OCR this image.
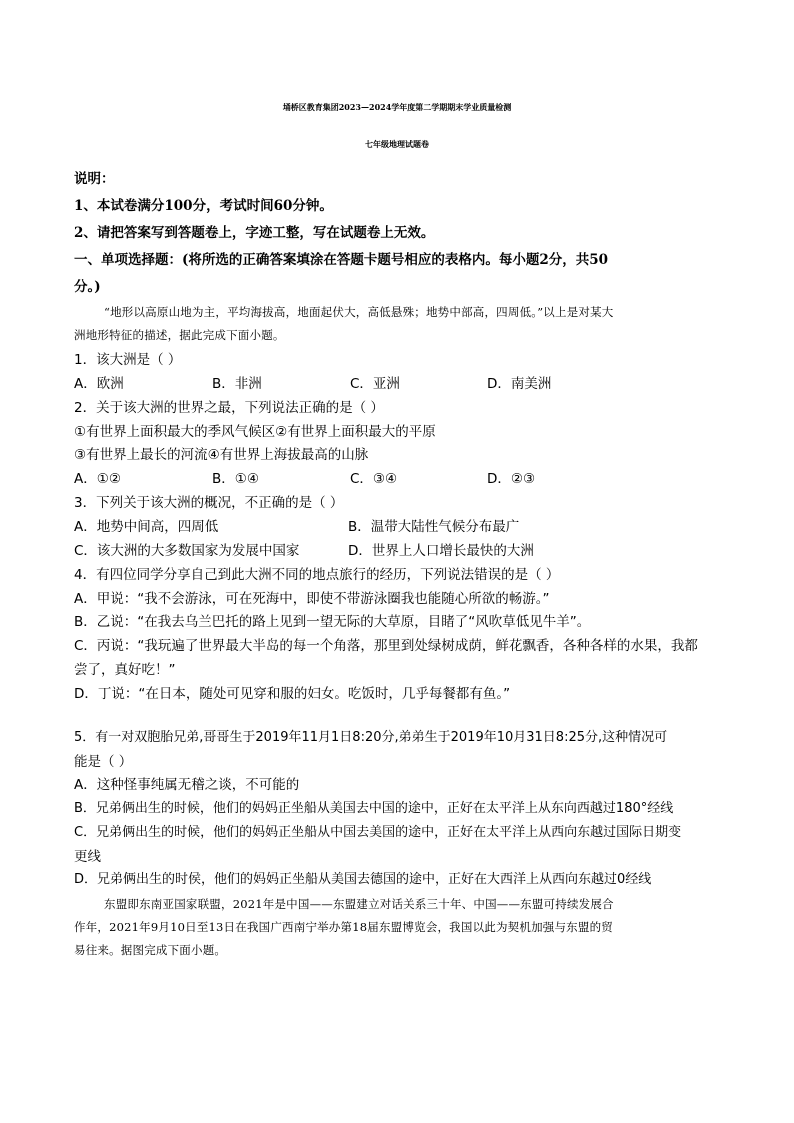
埇桥区教育集团2023—2024学年度第二学期期末学业质量检测
七年级地理试题卷
说明：
1、本试卷满分100分，考试时间60分钟。
2、请把答案写到答题卷上，字迹工整，写在试题卷上无效。
一、单项选择题：(将所选的正确答案填涂在答题卡题号相应的表格内。每小题2分，共50
分。)
“地形以高原山地为主，平均海拔高，地面起伏大，高低悬殊；地势中部高，四周低。”以上是对某大
洲地形特征的描述，据此完成下面小题。
1．该大洲是（ ）
A．欧洲	B．非洲	C．亚洲	D．南美洲
2．关于该大洲的世界之最，下列说法正确的是（ ）
①有世界上面积最大的季风气候区②有世界上面积最大的平原
③有世界上最长的河流④有世界上海拔最高的山脉
A．①②	B．①④	C．③④	D．②③
3．下列关于该大洲的概况，不正确的是（ ）
A．地势中间高，四周低	B．温带大陆性气候分布最广
C．该大洲的大多数国家为发展中国家	D．世界上人口增长最快的大洲
4．有四位同学分享自己到此大洲不同的地点旅行的经历，下列说法错误的是（ ）
A．甲说：“我不会游泳，可在死海中，即使不带游泳圈我也能随心所欲的畅游。”
B．乙说：“在我去乌兰巴托的路上见到一望无际的大草原，目睹了“风吹草低见牛羊”。
C．丙说：“我玩遍了世界最大半岛的每一个角落，那里到处绿树成荫，鲜花飘香，各种各样的水果，我都
尝了，真好吃！”
D．丁说：“在日本，随处可见穿和服的妇女。吃饭时，几乎每餐都有鱼。”
5．有一对双胞胎兄弟,哥哥生于2019年11月1日8:20分,弟弟生于2019年10月31日8:25分,这种情况可
能是（ ）
A．这种怪事纯属无稽之谈，不可能的
B．兄弟俩出生的时候，他们的妈妈正坐船从美国去中国的途中，正好在太平洋上从东向西越过180°经线
C．兄弟俩出生的时候，他们的妈妈正坐船从中国去美国的途中，正好在太平洋上从西向东越过国际日期变
更线
D．兄弟俩出生的时侯，他们的妈妈正坐船从美国去德国的途中，正好在大西洋上从西向东越过0经线
东盟即东南亚国家联盟，2021年是中国——东盟建立对话关系三十年、中国——东盟可持续发展合
作年，2021年9月10日至13日在我国广西南宁举办第18届东盟博览会，我国以此为契机加强与东盟的贸
易往来。据图完成下面小题。
